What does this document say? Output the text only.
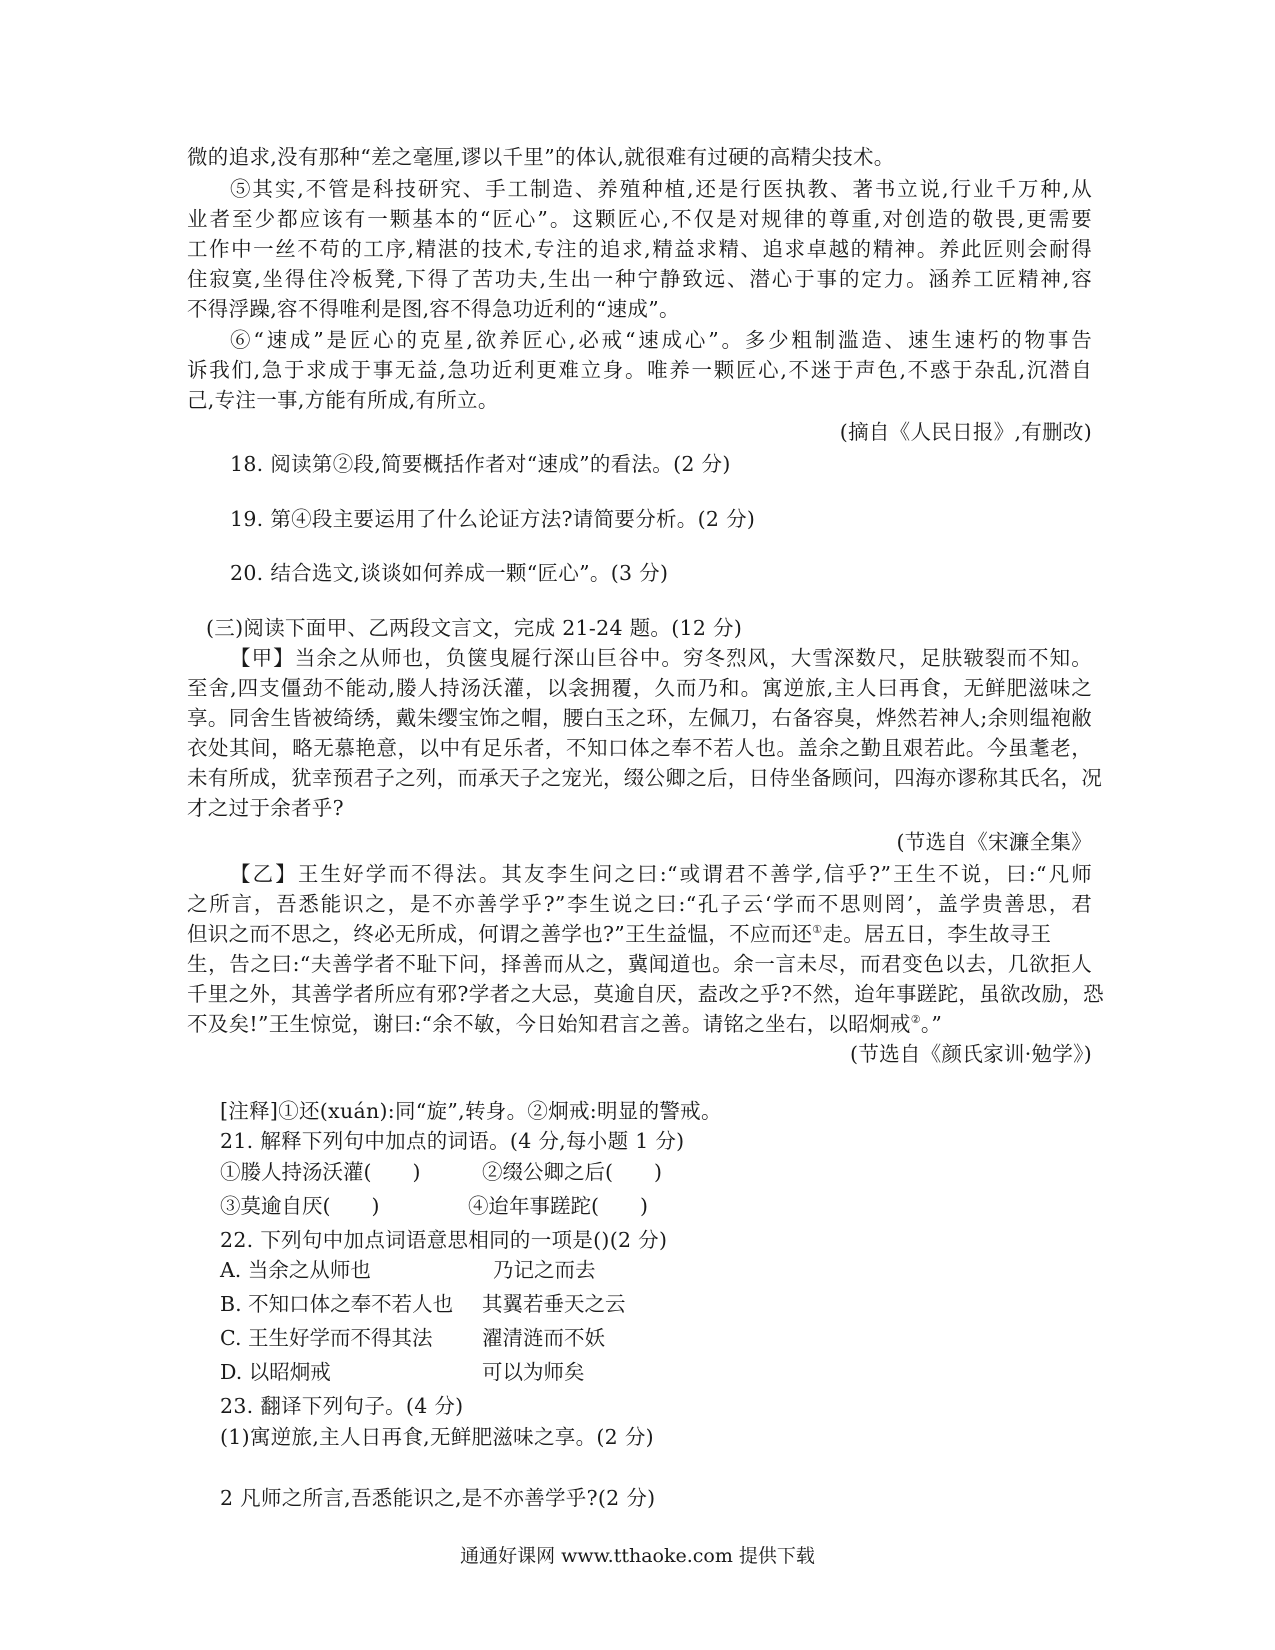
微的追求,没有那种“差之毫厘,谬以千里”的体认,就很难有过硬的高精尖技术。
⑤其实,不管是科技研究、手工制造、养殖种植,还是行医执教、著书立说,行业千万种,从
业者至少都应该有一颗基本的“匠心”。这颗匠心,不仅是对规律的尊重,对创造的敬畏,更需要
工作中一丝不苟的工序,精湛的技术,专注的追求,精益求精、追求卓越的精神。养此匠则会耐得
住寂寞,坐得住冷板凳,下得了苦功夫,生出一种宁静致远、潜心于事的定力。涵养工匠精神,容
不得浮躁,容不得唯利是图,容不得急功近利的“速成”。
⑥“速成”是匠心的克星,欲养匠心,必戒“速成心”。多少粗制滥造、速生速朽的物事告
诉我们,急于求成于事无益,急功近利更难立身。唯养一颗匠心,不迷于声色,不惑于杂乱,沉潜自
己,专注一事,方能有所成,有所立。
(摘自《人民日报》,有删改)
18. 阅读第②段,简要概括作者对“速成”的看法。(2 分)
19. 第④段主要运用了什么论证方法?请简要分析。(2 分)
20. 结合选文,谈谈如何养成一颗“匠心”。(3 分)
(三)阅读下面甲、乙两段文言文，完成 21-24 题。(12 分)
【甲】当余之从师也，负箧曳屣行深山巨谷中。穷冬烈风，大雪深数尺，足肤皲裂而不知。
至舍,四支僵劲不能动,媵人持汤沃灌，以衾拥覆，久而乃和。寓逆旅,主人曰再食，无鲜肥滋味之
享。同舍生皆被绮绣，戴朱缨宝饰之帽，腰白玉之环，左佩刀，右备容臭，烨然若神人;余则缊袍敝
衣处其间，略无慕艳意，以中有足乐者，不知口体之奉不若人也。盖余之勤且艰若此。今虽耄老，
未有所成，犹幸预君子之列，而承天子之宠光，缀公卿之后，日侍坐备顾问，四海亦谬称其氏名，况
才之过于余者乎?
(节选自《宋濂全集》
【乙】王生好学而不得法。其友李生问之曰:“或谓君不善学,信乎?”王生不说，曰:“凡师
之所言，吾悉能识之，是不亦善学乎?”李生说之曰:“孔子云‘学而不思则罔’，盖学贵善思，君
但识之而不思之，终必无所成，何谓之善学也?”王生益愠，不应而还①走。居五日，李生故寻王
生，告之曰:“夫善学者不耻下问，择善而从之，冀闻道也。余一言未尽，而君变色以去，几欲拒人
千里之外，其善学者所应有邪?学者之大忌，莫逾自厌，盍改之乎?不然，迨年事蹉跎，虽欲改励，恐
不及矣!”王生惊觉，谢曰:“余不敏，今日始知君言之善。请铭之坐右，以昭炯戒②。”
(节选自《颜氏家训·勉学》)
[注释]①还(xuán):同“旋”,转身。②炯戒:明显的警戒。
21. 解释下列句中加点的词语。(4 分,每小题 1 分)
①媵人持汤沃灌(　　)	②缀公卿之后(　　)
③莫逾自厌(　　)	④迨年事蹉跎(　　)
22. 下列句中加点词语意思相同的一项是()(2 分)
A. 当余之从师也	乃记之而去
B. 不知口体之奉不若人也 其翼若垂天之云
C. 王生好学而不得其法 濯清涟而不妖
D. 以昭炯戒	可以为师矣
23. 翻译下列句子。(4 分)
(1)寓逆旅,主人日再食,无鲜肥滋味之享。(2 分)
2 凡师之所言,吾悉能识之,是不亦善学乎?(2 分)
通通好课网 www.tthaoke.com 提供下载
